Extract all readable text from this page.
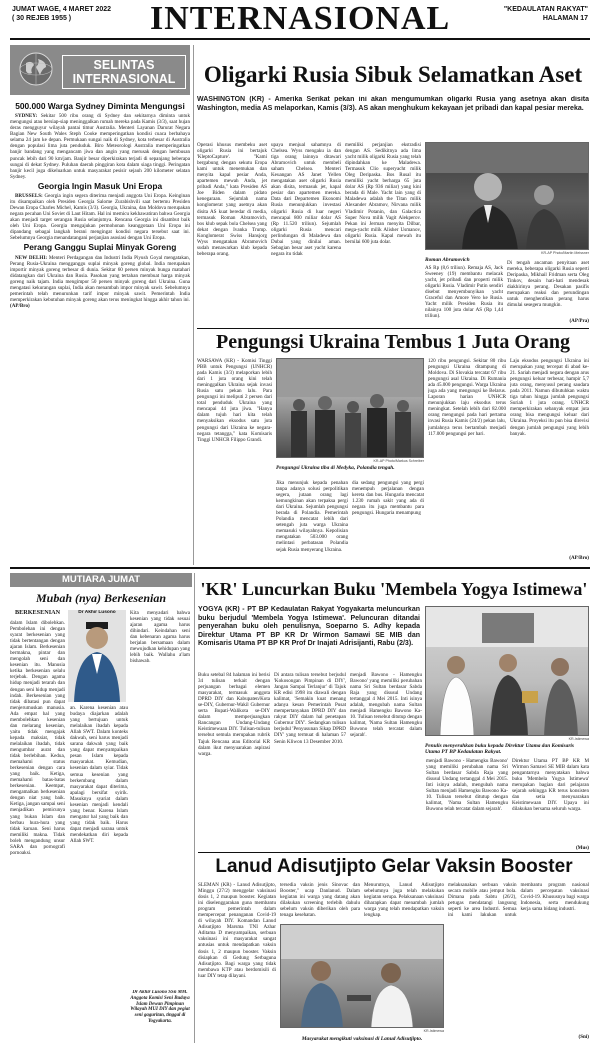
JUMAT WAGE, 4 MARET 2022
( 30 REJEB 1955 )	INTERNASIONAL	"KEDAULATAN RAKYAT"
HALAMAN 17
SELINTAS
INTERNASIONAL
500.000 Warga Sydney Diminta Mengungsi

SYDNEY: Sekitar 500 ribu orang di Sydney dan sekitarnya diminta untuk mengungsi atau bersiap-siap meninggalkan rumah mereka pada Kamis (3/3), saat hujan deras mengguyur wilayah pantai timur Australia. Menteri Layanan Darurat Negara Bagian New South Wales Steph Cooke memperingatkan kondisi cuaca berbahaya selama 24 jam ke depan. Permukaan sungai naik di Sydney, kota terbesar di Australia dengan populasi lima juta penduduk. Biro Meteorologi Australia memperingatkan banjir bandang yang mengancam jiwa dan angin yang merusak dengan hembusan puncak lebih dari 90 km/jam. Banjir besar diperkirakan terjadi di sepanjang beberapa sungai di dekat Sydney. Puluhan daerah pinggiran kota dalam siaga tinggi. Peringatan banjir kecil juga dikeluarkan untuk masyarakat pesisir sejauh 200 kilometer selatan Sydney.

Georgia Ingin Masuk Uni Eropa

BRUSSELS: Georgia ingin segera diterima menjadi anggota Uni Eropa. Keinginan itu disampaikan oleh Presiden Georgia Salome Zurabishvili saat bertemu Presiden Dewan Eropa Charles Michel, Kamis (3/3). Georgia, Ukraina, dan Moldova merupakan negara pecahan Uni Soviet di Laut Hitam. Hal ini memicu kekhawatiran bahwa Georgia akan menjadi target serangan Rusia selanjutnya. Rencana Georgia ini disambut baik oleh Uni Eropa. Georgia mengajukan permohonan keanggotaan Uni Eropa ini dipandang sebagai langkah berani mengingat kondisi negara tersebut saat ini. Sebelumnya Georgia menandatangani perjanjian asosiasi dengan Uni Eropa.

Perang Ganggu Suplai Minyak Goreng

NEW DELHI: Menteri Perdagangan dan Industri India Piyush Goyal mengatakan, Perang Rusia-Ukraina mengganggu suplai minyak goreng global. India merupakan importir minyak goreng terbesar di dunia. Sekitar 60 persen minyak bunga matahari didatangkan dari Ukraina dan Rusia. Pasokan yang tertahan membuat harga minyak goreng naik tajam. India mengimpor 50 persen minyak goreng dari Ukraina. Guna mengatasi kekurangan suplai, India akan menambah impor minyak sawit. Sebelumnya pemerintah telah menurunkan tarif impor minyak sawit. Pemerintah India memperkirakan kebutuhan minyak goreng akan terus meningkat hingga akhir tahun ini. (AP/Bro)

Oligarki Rusia Sibuk Selamatkan Aset
WASHINGTON (KR) - Amerika Serikat pekan ini akan mengumumkan oligarki Rusia yang asetnya akan disita Washington, media AS melaporkan, Kamis (3/3). AS akan menghukum kekayaan jet pribadi dan kapal pesiar mereka.
Operasi khusus membeku aset oligarki Rusia ini bertajuk 'KleptoCapture'. "Kami bergabung dengan sekutu Eropa kami untuk menemukan dan menyita kapal pesiar Anda, apartemen mewah Anda, jet pribadi Anda," kata Presiden AS Joe Biden dalam pidato kenegaraan. Sejumlah nama konglomerat yang asetnya akan disita AS kuat beredar di media, termasuk Roman Abramovich, bos klub sepak bola Chelsea yang dekat dengan Ivanka Trump. Konglomerat Swiss Hansjorg Wyss mengatakan Abramovich sudah menawarkan klub kepada beberapa orang.
upaya menjual sahamnya di Chelsea. Wyss mengaku ia dan tiga orang lainnya ditawari Abramovich untuk membeli saham Chelsea. Menteri Keuangan AS Janet Yellen mengatakan aset oligarki Rusia akan disita, termasuk jet, kapal pesiar dan apartemen mereka. Data dari Departemen Ekonomi Rusia menunjukkan investasi oligarki Rusia di luar negeri mencapai 800 miliar dolar AS (Rp 11.520 triliun). Sejumlah oligarki Rusia mencari perlindungan di Maladewa dan Dubai yang dinilai aman. Sebagian besar aset yacht karena negara itu tidak
memiliki perjanjian ekstradisi dengan AS. Sedikitnya ada lima yacht milik oligarki Rusia yang telah dipindahkan ke Maladewa. Termasuk Clio superyacht milik Oleg Deripaska. Bos Rusal itu memiliki yacht berharga 65 juta dolar AS (Rp 936 miliar) yang kini berada di Male. Yacht lain yang di Maladewa adalah the Titan milik Alexander Abramov, Nirvana milik Vladimir Potanin, dan Galactica Super Nova milik Vagit Alekperov. Pekan ini Jerman menyita Dilbar, mega-yacht milik Alisher Usmanov, oligarki Rusia. Kapal mewah itu bernilai 600 juta dolar.
KR-AP Photo/Martin Meissner
Roman Abramovich
AS Rp (8,6 triliun). Remaja AS, Jack Sweeney (19) membantu melacak yacht, jet pribadi dan properti milik oligarki Rusia. Vladimir Putin sendiri disebut menyembunyikan yacht Graceful dan Amore Vero ke Rusia. Yacht milik Presiden Rusia itu nilainya 100 juta dolar AS (Rp 1,44 triliun).
Di tengah ancaman penyitaan aset mereka, beberapa oligarki Rusia seperti Deripaska, Mikhail Fridman serta Oleg Tinkov, desain hati-hati mendesak diakhirinya perang. Desakan pasifis merupakan reaksi dan perundingan untuk menghentikan perang harus dimulai sesegera mungkin.
(AP/Pra)
Pengungsi Ukraina Tembus 1 Juta Orang
WARSAWA (KR) - Komisi Tinggi PBB untuk Pengungsi (UNHCR) pada Kamis (3/3) melaporkan lebih dari 1 juta orang kini telah meninggalkan Ukraina sejak invasi Rusia satu pekan lalu. Para pengungsi ini meliputi 2 persen dari total penduduk Ukraina yang mencapai 44 juta jiwa. "Hanya dalam tujuh hari kita telah menyaksikan eksodus satu juta pengungsi dari Ukraina ke negara-negara tetangga," kata Komisaris Tinggi UNHCR Filippo Grandi.
KR-AP Photo/Markus Schreiber
Pengungsi Ukraina tiba di Medyka, Polandia tengah.
Jika menunjuk kepada penahan tanpa adanya solusi perpolitikan segera, jutaan orang lagi kemungkinan akan terpaksa pergi dari Ukraina. Sejumlah pengungsi berada di Polandia. Pemerintah Polandia mencatat lebih dari setengah juta warga Ukraina memasuki wilayahnya. Kepolisian mengatakan 503.000 orang melintasi perbatasan Polandia sejak Rusia menyerang Ukraina.
dia sedang pengungsi yang pergi menempuh perjalanan dengan kereta dan bus. Hungaria mencatat 1.230 rumah sakit yang ada di negara itu juga membantu para pengungsi. Hungaria menampung
120 ribu pengungsi. Sekitar 80 ribu pengungsi Ukraina ditampung di Moldova. Di Slovakia tercatat 67 ribu pengungsi asal Ukraina. Di Rumania ada 45.000 pengungsi. Warga Ukraina juga ada yang mengungsi ke Belarus. Laporan harian UNHCR menunjukkan laju eksodus terus meningkat. Setelah lebih dari 82.000 orang mengungsi pada hari pertama invasi Rusia Kamis (24/2) pekan lalu, jumlahnya terus bertambah menjadi 117.000 pengungsi per hari.
Laju eksodus pengungsi Ukraina ini merupakan yang tercepat di abad ke-21. Sariah menjadi negara dengan arus pengungsi keluar terbesar, hampir 5,7 juta orang, menyusul perang saudara pada 2011. Namun dibutuhkan waktu tiga tahun hingga jumlah pengungsi Suriah 1 juta orang. UNHCR memperkirakan sebanyak empat juta orang bisa mengungsi keluar dari Ukraina. Proyeksi itu pun bisa direvisi dengan jumlah pengungsi yang lebih banyak.
(AP/Bro)
MUTIARA JUMAT
Mubah (nya) Berkesenian
Dr Akhir Lusono

BERKESENIAN

dalam Islam dibolehkan. Pembolehan ini dengan syarat berkesenian yang tidak bertentangan dengan ajaran Islam. Berkesenian bermakna, pintar dan mengolah seni dan kesenian itu. Manusia ketika berkesenian selalu terjebak. Dengan agama hidup menjadi terarah dan dengan seni hidup menjadi indah. Berkesenian yang tidak dibatasi pun dapat menjerumuskan manusia. Ada empat hal yang membolehkan kesenian dan melarang kesenian, yaitu tidak mengajak kepada maksiat, tidak melalaikan ibadah, tidak mengumbar aurat dan tidak berlebihan. Kedua, memahami status berkesenian dengan cara yang baik. Ketiga, memahami batas-batas berkesenian. Keempat, mengamalkan berkesenian dengan niat yang baik. Ketiga, jangan sampai seni menjadikan pemicunya yang bukan Islam dan berbau hura-hura yang tidak karuan. Seni harus memiliki makna. Tidak boleh mengandung unsur SARA dan pornografi pornoaksi.
an. Karena kesenian atau budaya diajarkan adalah yang bertujuan untuk melalaikan ibadah kepada Allah SWT. Dalam konteks dakwah, seni harus menjadi sarana dakwah yang baik yang dapat menyampaikan pesan Islam kepada masyarakat. Kemudian, kesenian dalam syiar. Tidak semua kesenian yang berkembang dalam masyarakat dapat diterima, apalagi bersifat syirik. Masuknya syariat dalam kesenian menjadi kendali yang benar. Karena Islam mengatur hal yang baik dan yang tidak baik. Harus dapat menjadi sarana untuk mendekatkan diri kepada Allah SWT.
Kita menyadari bahwa kesenian yang tidak sesuai ajaran agama harus dihindari. Keindahan seni dan kebenaran agama harus berjalan bersamaan dalam mewujudkan kehidupan yang lebih baik. Wallahu a'lam bishawab.
Dr Akhir Lusono SSn MM. Anggota Komisi Seni Budaya Islam Dewan Pimpinan Wilayah MUI DIY dan pegiat seni gaguritan, tinggal di Yogyakarta.
'KR' Luncurkan Buku 'Membela Yogya Istimewa'
YOGYA (KR) - PT BP Kedaulatan Rakyat Yogyakarta meluncurkan buku berjudul 'Membela Yogya Istimewa'. Peluncuran ditandai penyerahan buku oleh penulisnya, Soeparno S. Adhy kepada Direktur Utama PT BP KR Dr Wirmon Samawi SE MIB dan Komisaris Utama PT BP KR Prof Dr Inajati Adrisijanti, Rabu (2/3).
Buku setebal 84 halaman ini berisi 34 tulisan terkait dengan perjuangan berbagai elemen masyarakat, termasuk anggota DPRD DIY dan Kabupaten/Kota se-DIY, Gubernur-Wakil Gubernur serta Bupati-Walikota se-DIY dalam memperjuangkan Rancangan Undang-Undang Keistimewaan DIY. Tulisan-tulisan tersebut semula merupakan rubrik Tajuk Rencana atau Editorial KR dalam ikut menyuarakan aspirasi warga.
Di antara tulisan tersebut berjudul 'Kokosongan Pimpinan di DIY', Jangan Sampai Terlanjur' di Tajuk KR edisi 1998 itu diawali dengan kalimat, 'Semakin kuat menang adanya kesan Pemerintah Pusat mempertanyakan DPRD DIY dan rakyat DIY dalam hal penetapan Gubernur DIY'. Sedangkan tulisan berjudul 'Penyusunan Sikap DPRD DIY' yang termuat di halaman 57 Senin Kliwon 13 Desember 2010.
menjadi Bawono - Hamengku Bawono' yang memiliki perubahan nama Sri Sultan berdasar Sabda Raja yang disusul Undang tertanggal 4 Mei 2015. Inti isinya adalah, mengubah nama Sultan menjadi Hamengku Bawono Ka-10. Tulisan tersebut ditutup dengan kalimat, 'Nama Sultan Hamengku Buwono telah tercatat dalam sejarah'.
KR-Istimewa
Penulis menyerahkan buku kepada Direktur Utama dan Komisaris Utama PT BP Kedaulatan Rakyat.
Direktur Utama PT BP KR M Wirmon Samawi SE MIB dalam kata pengantarnya menyatakan bahwa buku 'Membela Yogya Istimewa' merupakan bagian dari pelajaran sejarah sehingga KR terus konsisten dan setia menyuarakan Keistimewaan DIY. Upaya ini dilakukan bersama seluruh warga.
menjadi Bawono - Hamengku Bawono' yang memiliki perubahan nama Sri Sultan berdasar Sabda Raja yang disusul Undang tertanggal 4 Mei 2015. Inti isinya adalah, mengubah nama Sultan menjadi Hamengku Bawono Ka-10. Tulisan tersebut ditutup dengan kalimat, 'Nama Sultan Hamengku Buwono telah tercatat dalam sejarah'.
(Mus)
Lanud Adisutjipto Gelar Vaksin Booster
SLEMAN (KR) - Lanud Adisutjipto, Minggu (27/2) menggelar vaksinasi dosis 1, 2 maupun booster. Kegiatan ini diselenggarakan guna membantu program pemerintah dalam mempercepat penanganan Covid-19 di wilayah DIY. Komandan Lanud Adisutjipto Marsma TNI Azhar Aditama D menyampaikan, serbuan vaksinasi ini masyarakat sangat antusias untuk mendapatkan vaksin dosis 1, 2 maupun booster. Vaksin disiapkan di Gedung Serbaguna Adisutjipto. Bagi warga yang tidak membawa KTP atau berdomisili di luar DIY tetap dilayani.
tersedia vaksin jenis Sinovac dan Booster," ucap Danlanud. Dalam kegiatan ini warga yang datang akan dilakukan screening terlebih dahulu sebelum vaksin diberikan oleh para tenaga kesehatan.
Menurutnya, Lanud Adisutjipto sebelumnya juga telah melakukan kegiatan serupa. Pelaksanaan vaksinasi diharapkan dapat menambah jumlah warga yang telah mendapatkan vaksin lengkap.
KR-Istimewa
Masyarakat mengikuti vaksinasi di Lanud Adisutjipto.
melaksanakan serbuan vaksin secara mobile atau jemput bola. Dimana pada Sabtu (26/2), petugas mendatangi langsung seperti ke area Industri. Semua ini kami lakukan untuk membantu program nasional dalam percepatan vaksinasi Covid-19. Khususnya bagi warga Indonesia, serta mendukung kerja sama bidang industri.
(Sni)
